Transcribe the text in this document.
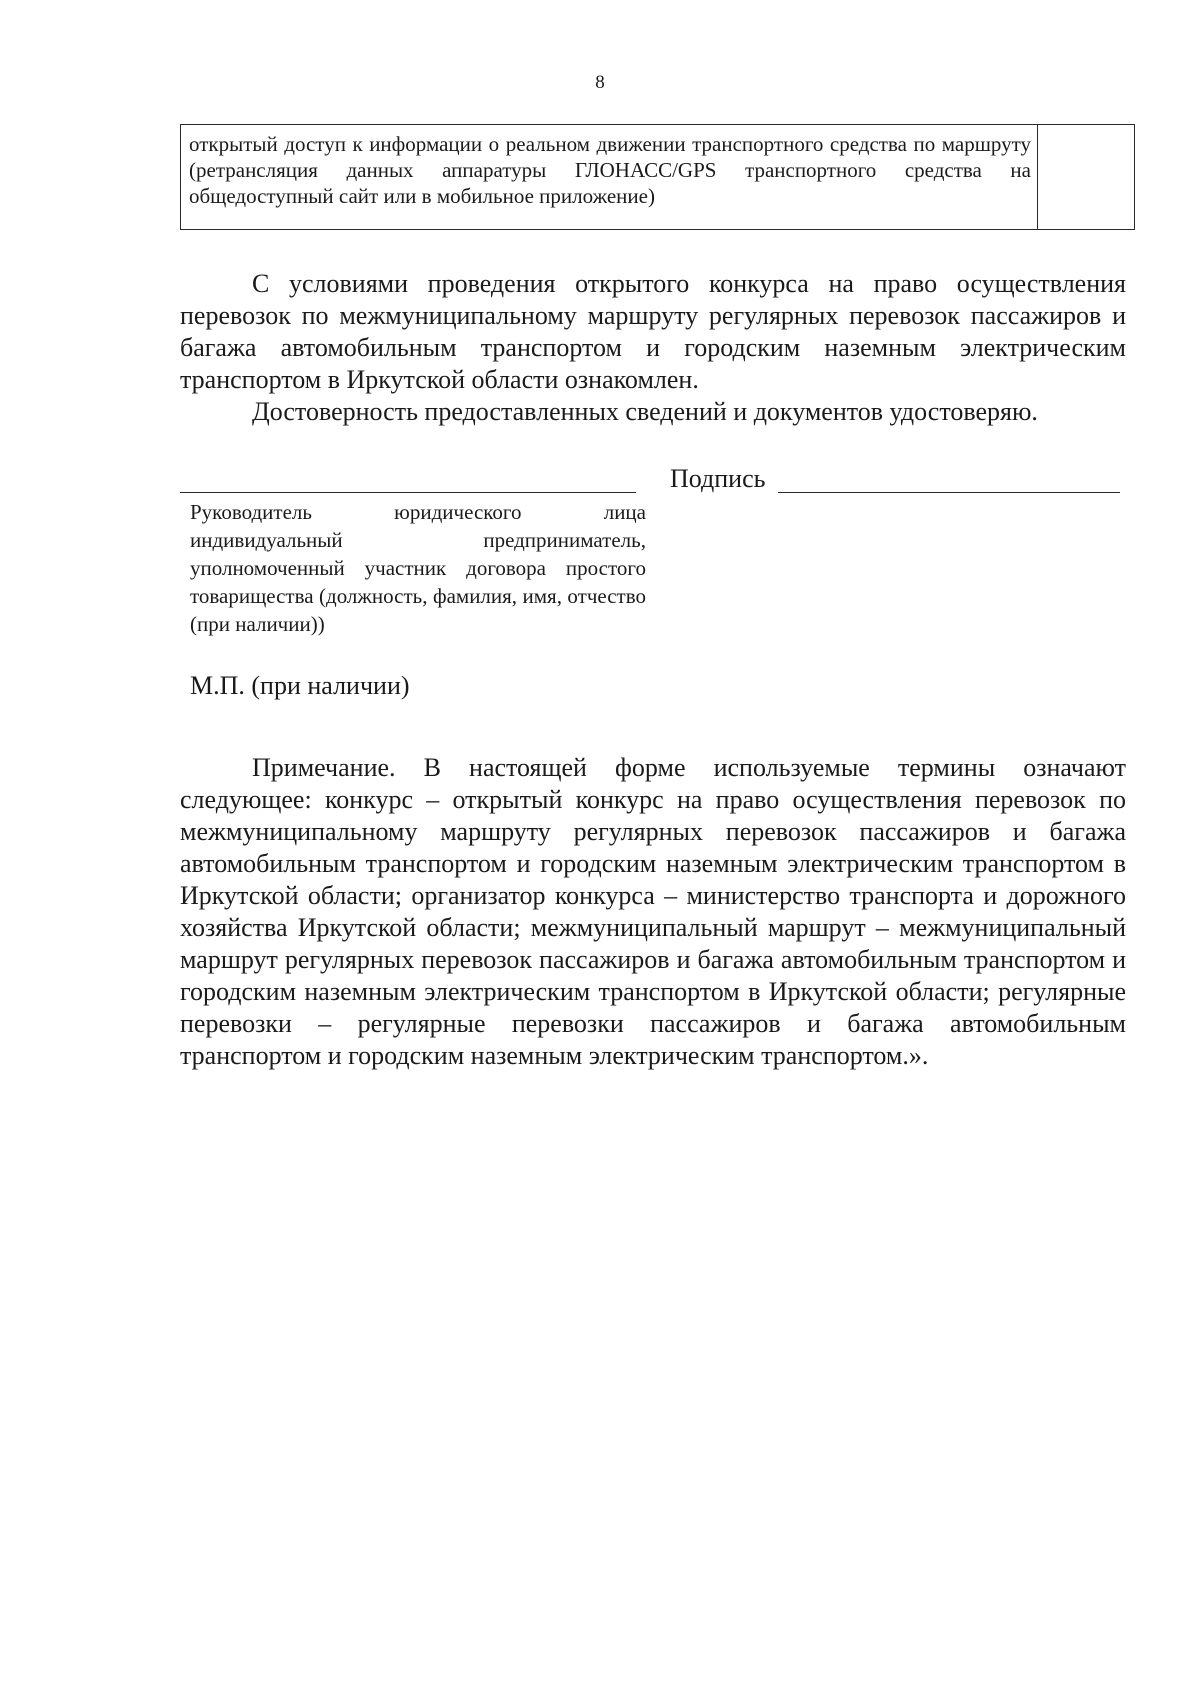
8
открытый доступ к информации о реальном движении транспортного средства по маршруту (ретрансляция данных аппаратуры ГЛОНАСС/GPS транспортного средства на общедоступный сайт или в мобильное приложение)

С условиями проведения открытого конкурса на право осуществления перевозок по межмуниципальному маршруту регулярных перевозок пассажиров и багажа автомобильным транспортом и городским наземным электрическим транспортом в Иркутской области ознакомлен.

Достоверность предоставленных сведений и документов удостоверяю.

Подпись

Руководитель юридического лица индивидуальный предприниматель, уполномоченный участник договора простого товарищества (должность, фамилия, имя, отчество (при наличии))

М.П. (при наличии)

Примечание. В настоящей форме используемые термины означают следующее: конкурс – открытый конкурс на право осуществления перевозок по межмуниципальному маршруту регулярных перевозок пассажиров и багажа автомобильным транспортом и городским наземным электрическим транспортом в Иркутской области; организатор конкурса – министерство транспорта и дорожного хозяйства Иркутской области; межмуниципальный маршрут – межмуниципальный маршрут регулярных перевозок пассажиров и багажа автомобильным транспортом и городским наземным электрическим транспортом в Иркутской области; регулярные перевозки – регулярные перевозки пассажиров и багажа автомобильным транспортом и городским наземным электрическим транспортом.».
